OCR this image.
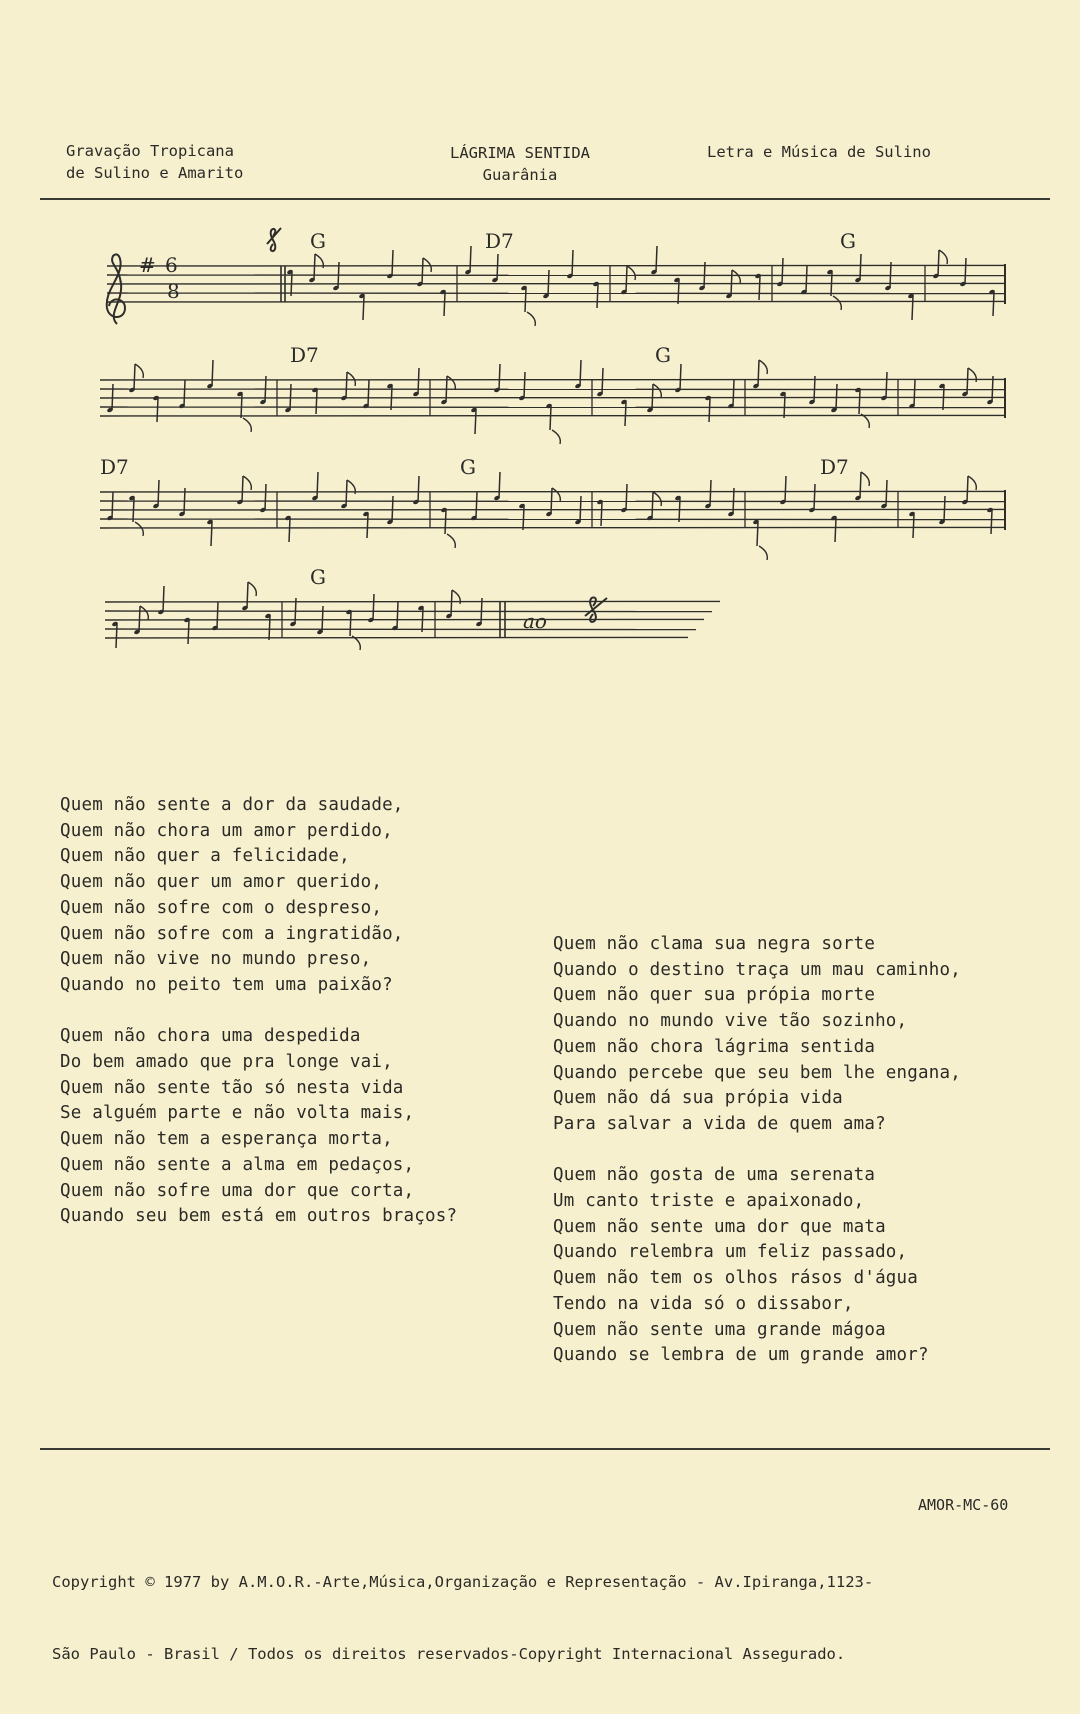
Gravação Tropicana
de Sulino e Amarito
LÁGRIMA SENTIDA
Guarânia
Letra e Música de Sulino
G	D7	G
D7	G
D7	G	D7
G
# 6
8
ao
Quem não sente a dor da saudade,
Quem não chora um amor perdido,
Quem não quer a felicidade,
Quem não quer um amor querido,
Quem não sofre com o despreso,
Quem não sofre com a ingratidão,
Quem não vive no mundo preso,
Quando no peito tem uma paixão?
Quem não chora uma despedida
Do bem amado que pra longe vai,
Quem não sente tão só nesta vida
Se alguém parte e não volta mais,
Quem não tem a esperança morta,
Quem não sente a alma em pedaços,
Quem não sofre uma dor que corta,
Quando seu bem está em outros braços?
Quem não clama sua negra sorte
Quando o destino traça um mau caminho,
Quem não quer sua própia morte
Quando no mundo vive tão sozinho,
Quem não chora lágrima sentida
Quando percebe que seu bem lhe engana,
Quem não dá sua própia vida
Para salvar a vida de quem ama?
Quem não gosta de uma serenata
Um canto triste e apaixonado,
Quem não sente uma dor que mata
Quando relembra um feliz passado,
Quem não tem os olhos rásos d'água
Tendo na vida só o dissabor,
Quem não sente uma grande mágoa
Quando se lembra de um grande amor?
AMOR-MC-60

Copyright © 1977 by A.M.O.R.-Arte,Música,Organização e Representação - Av.Ipiranga,1123-

São Paulo - Brasil / Todos os direitos reservados-Copyright Internacional Assegurado.
